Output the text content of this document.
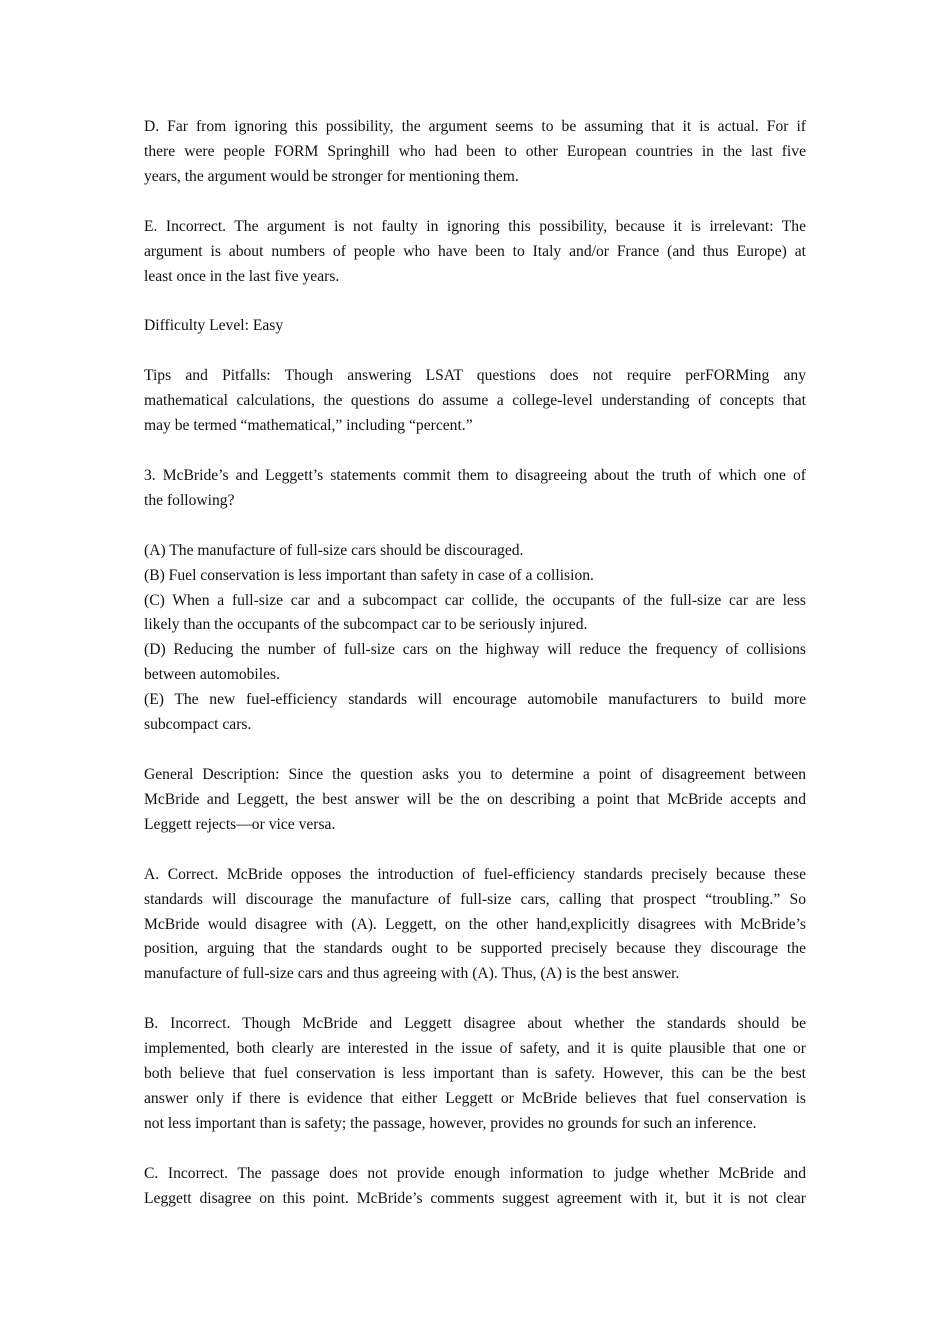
D. Far from ignoring this possibility, the argument seems to be assuming that it is actual. For if
there were people FORM Springhill who had been to other European countries in the last five
years, the argument would be stronger for mentioning them.
E. Incorrect. The argument is not faulty in ignoring this possibility, because it is irrelevant: The
argument is about numbers of people who have been to Italy and/or France (and thus Europe) at
least once in the last five years.
Difficulty Level: Easy
Tips and Pitfalls: Though answering LSAT questions does not require perFORMing any
mathematical calculations, the questions do assume a college-level understanding of concepts that
may be termed “mathematical,” including “percent.”
3. McBride’s and Leggett’s statements commit them to disagreeing about the truth of which one of
the following?
(A) The manufacture of full-size cars should be discouraged.
(B) Fuel conservation is less important than safety in case of a collision.
(C) When a full-size car and a subcompact car collide, the occupants of the full-size car are less
likely than the occupants of the subcompact car to be seriously injured.
(D) Reducing the number of full-size cars on the highway will reduce the frequency of collisions
between automobiles.
(E) The new fuel-efficiency standards will encourage automobile manufacturers to build more
subcompact cars.
General Description: Since the question asks you to determine a point of disagreement between
McBride and Leggett, the best answer will be the on describing a point that McBride accepts and
Leggett rejects—or vice versa.
A. Correct. McBride opposes the introduction of fuel-efficiency standards precisely because these
standards will discourage the manufacture of full-size cars, calling that prospect “troubling.” So
McBride would disagree with (A). Leggett, on the other hand,explicitly disagrees with McBride’s
position, arguing that the standards ought to be supported precisely because they discourage the
manufacture of full-size cars and thus agreeing with (A). Thus, (A) is the best answer.
B. Incorrect. Though McBride and Leggett disagree about whether the standards should be
implemented, both clearly are interested in the issue of safety, and it is quite plausible that one or
both believe that fuel conservation is less important than is safety. However, this can be the best
answer only if there is evidence that either Leggett or McBride believes that fuel conservation is
not less important than is safety; the passage, however, provides no grounds for such an inference.
C. Incorrect. The passage does not provide enough information to judge whether McBride and
Leggett disagree on this point. McBride’s comments suggest agreement with it, but it is not clear
